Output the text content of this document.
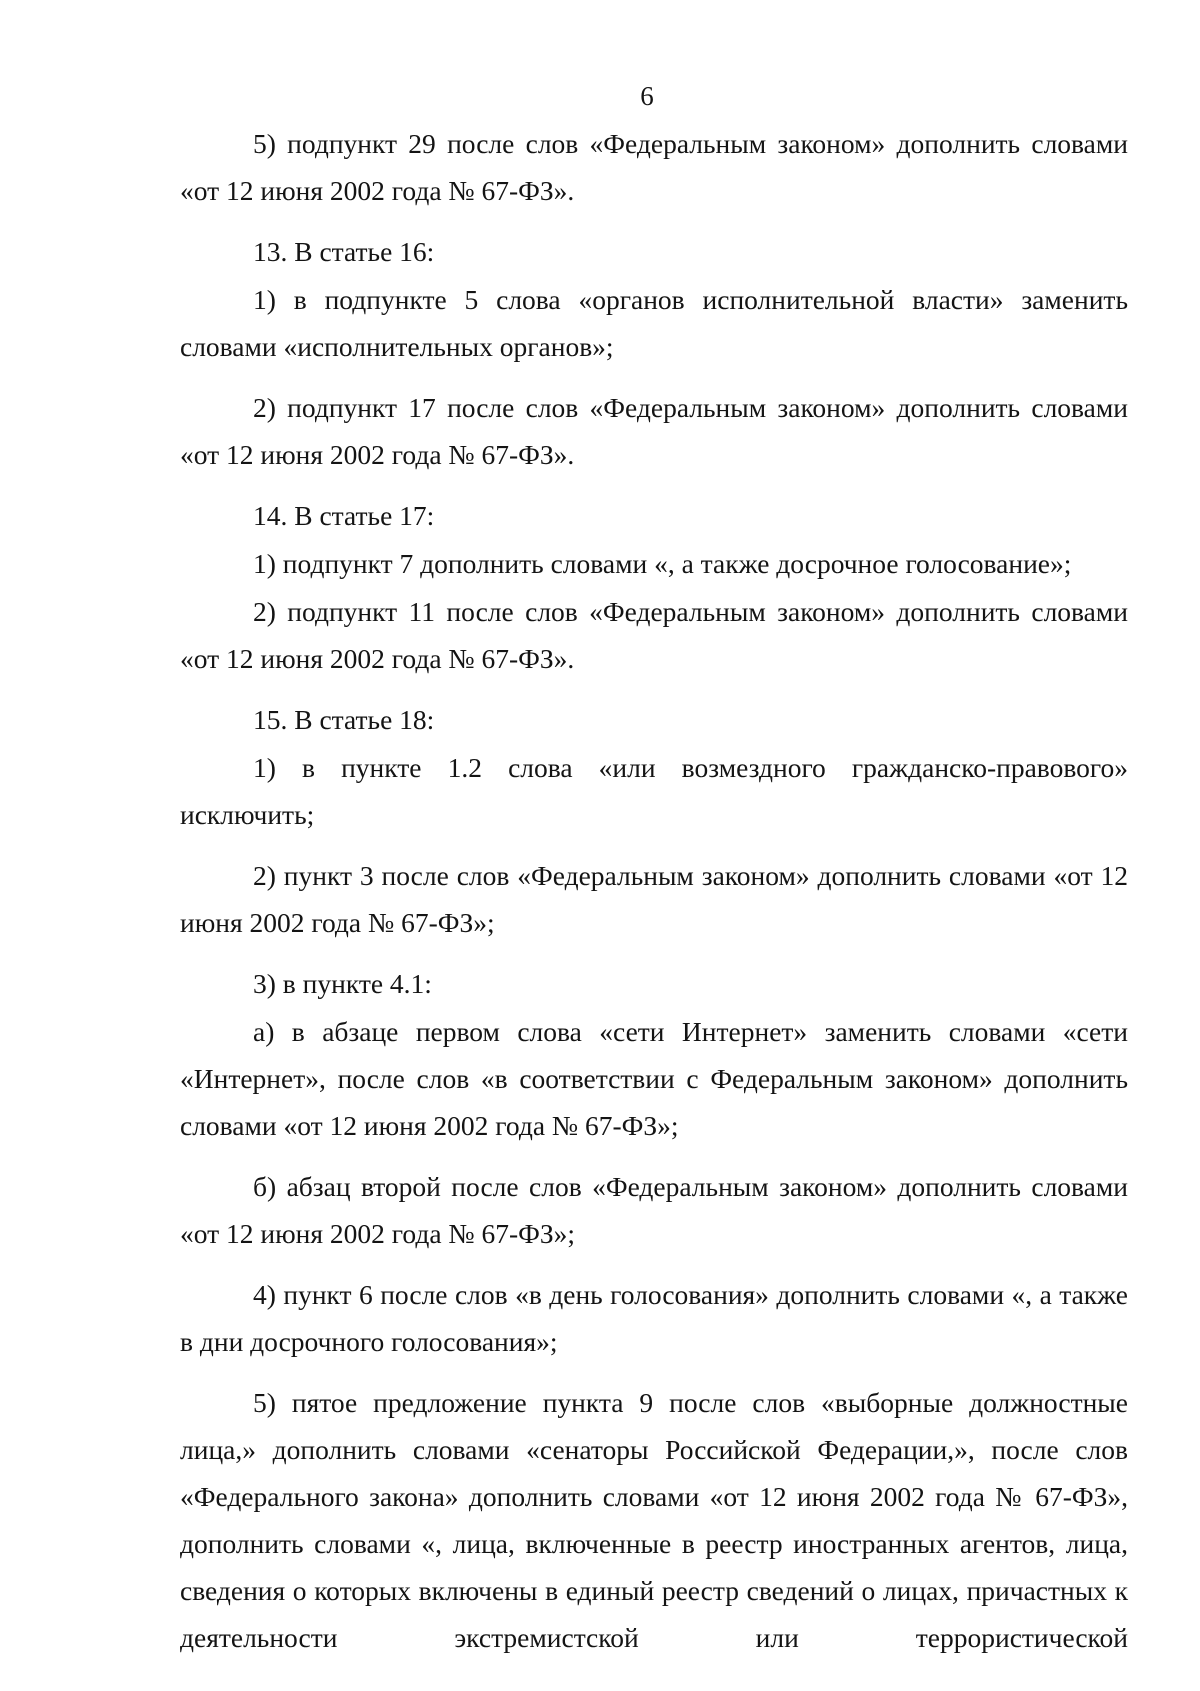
6

5) подпункт 29 после слов «Федеральным законом» дополнить словами «от 12 июня 2002 года № 67-ФЗ».

13. В статье 16:

1) в подпункте 5 слова «органов исполнительной власти» заменить словами «исполнительных органов»;

2) подпункт 17 после слов «Федеральным законом» дополнить словами «от 12 июня 2002 года № 67-ФЗ».

14. В статье 17:

1) подпункт 7 дополнить словами «, а также досрочное голосование»;

2) подпункт 11 после слов «Федеральным законом» дополнить словами «от 12 июня 2002 года № 67-ФЗ».

15. В статье 18:

1) в пункте 1.2 слова «или возмездного гражданско-правового» исключить;

2) пункт 3 после слов «Федеральным законом» дополнить словами «от 12 июня 2002 года № 67-ФЗ»;

3) в пункте 4.1:

а) в абзаце первом слова «сети Интернет» заменить словами «сети «Интернет», после слов «в соответствии с Федеральным законом» дополнить словами «от 12 июня 2002 года № 67-ФЗ»;

б) абзац второй после слов «Федеральным законом» дополнить словами «от 12 июня 2002 года № 67-ФЗ»;

4) пункт 6 после слов «в день голосования» дополнить словами «, а также в дни досрочного голосования»;

5) пятое предложение пункта 9 после слов «выборные должностные лица,» дополнить словами «сенаторы Российской Федерации,», после слов «Федерального закона» дополнить словами «от 12 июня 2002 года № 67-ФЗ», дополнить словами «, лица, включенные в реестр иностранных агентов, лица, сведения о которых включены в единый реестр сведений о лицах, причастных к деятельности экстремистской или террористической
